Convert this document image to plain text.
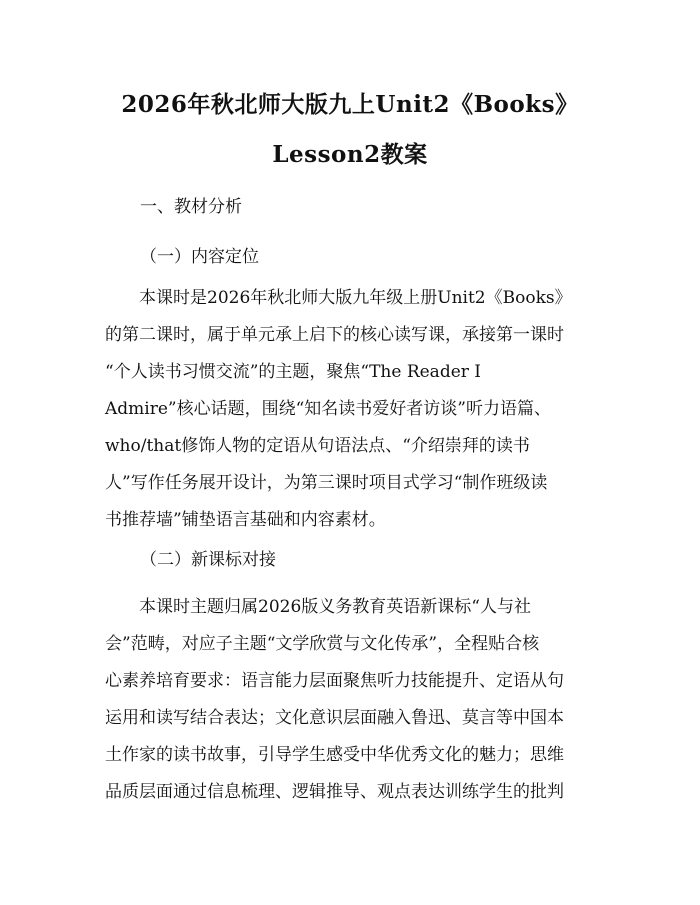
2026年秋北师大版九上Unit2《Books》
Lesson2教案
一、教材分析
（一）内容定位
本课时是2026年秋北师大版九年级上册Unit2《Books》
的第二课时，属于单元承上启下的核心读写课，承接第一课时
“个人读书习惯交流”的主题，聚焦“The Reader I
Admire”核心话题，围绕“知名读书爱好者访谈”听力语篇、
who/that修饰人物的定语从句语法点、“介绍崇拜的读书
人”写作任务展开设计，为第三课时项目式学习“制作班级读
书推荐墙”铺垫语言基础和内容素材。
（二）新课标对接
本课时主题归属2026版义务教育英语新课标“人与社
会”范畴，对应子主题“文学欣赏与文化传承”，全程贴合核
心素养培育要求：语言能力层面聚焦听力技能提升、定语从句
运用和读写结合表达；文化意识层面融入鲁迅、莫言等中国本
土作家的读书故事，引导学生感受中华优秀文化的魅力；思维
品质层面通过信息梳理、逻辑推导、观点表达训练学生的批判
